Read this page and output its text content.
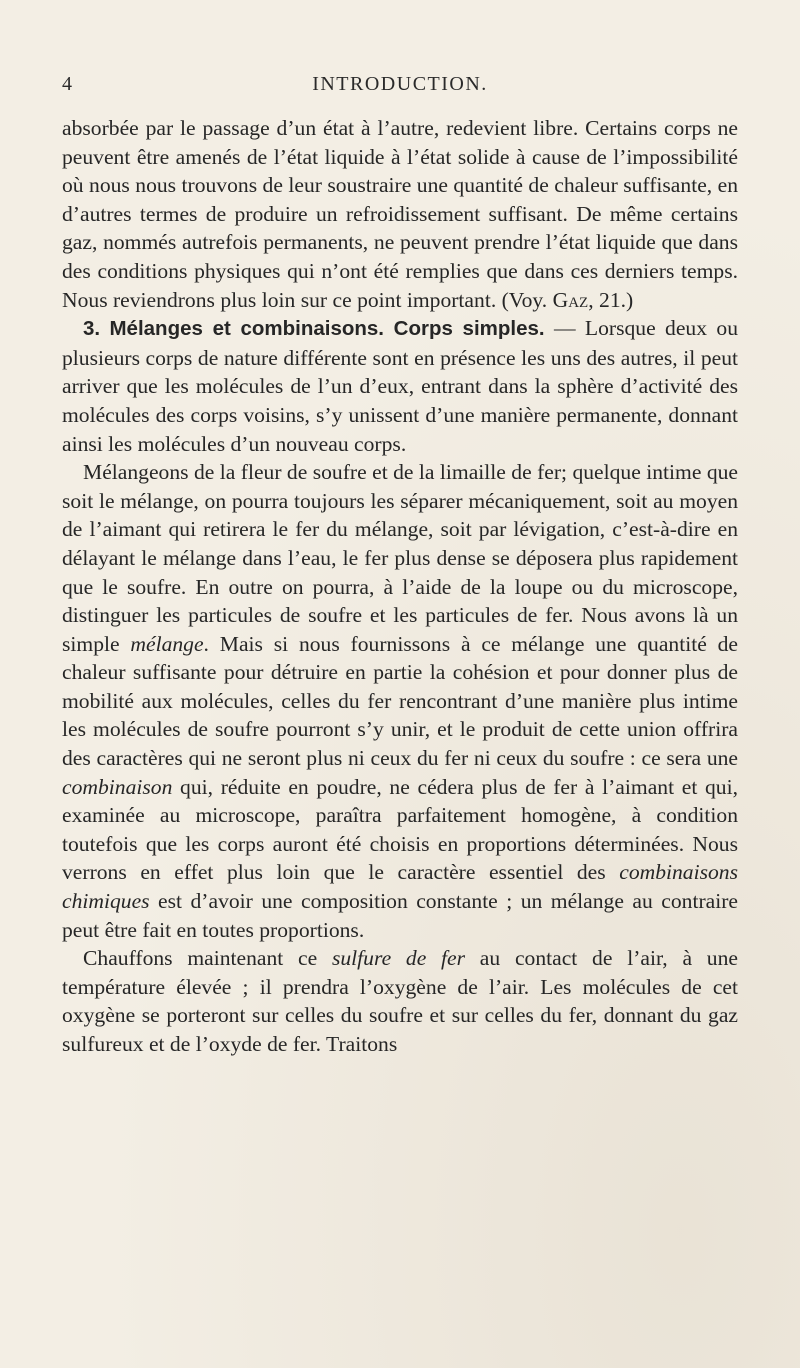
4	INTRODUCTION.

absorbée par le passage d’un état à l’autre, redevient libre. Certains corps ne peuvent être amenés de l’état liquide à l’état solide à cause de l’impossibilité où nous nous trouvons de leur soustraire une quantité de chaleur suffisante, en d’autres termes de produire un refroidissement suffisant. De même certains gaz, nommés autrefois permanents, ne peuvent prendre l’état liquide que dans des conditions physiques qui n’ont été remplies que dans ces derniers temps. Nous reviendrons plus loin sur ce point important. (Voy. Gaz, 21.)

3. Mélanges et combinaisons. Corps simples. — Lorsque deux ou plusieurs corps de nature différente sont en présence les uns des autres, il peut arriver que les molécules de l’un d’eux, entrant dans la sphère d’activité des molécules des corps voisins, s’y unissent d’une manière permanente, donnant ainsi les molécules d’un nouveau corps.

Mélangeons de la fleur de soufre et de la limaille de fer; quelque intime que soit le mélange, on pourra toujours les séparer mécaniquement, soit au moyen de l’aimant qui retirera le fer du mélange, soit par lévigation, c’est-à-dire en délayant le mélange dans l’eau, le fer plus dense se déposera plus rapidement que le soufre. En outre on pourra, à l’aide de la loupe ou du microscope, distinguer les particules de soufre et les particules de fer. Nous avons là un simple mélange. Mais si nous fournissons à ce mélange une quantité de chaleur suffisante pour détruire en partie la cohésion et pour donner plus de mobilité aux molécules, celles du fer rencontrant d’une manière plus intime les molécules de soufre pourront s’y unir, et le produit de cette union offrira des caractères qui ne seront plus ni ceux du fer ni ceux du soufre : ce sera une combinaison qui, réduite en poudre, ne cédera plus de fer à l’aimant et qui, examinée au microscope, paraîtra parfaitement homogène, à condition toutefois que les corps auront été choisis en proportions déterminées. Nous verrons en effet plus loin que le caractère essentiel des combinaisons chimiques est d’avoir une composition constante ; un mélange au contraire peut être fait en toutes proportions.

Chauffons maintenant ce sulfure de fer au contact de l’air, à une température élevée ; il prendra l’oxygène de l’air. Les molécules de cet oxygène se porteront sur celles du soufre et sur celles du fer, donnant du gaz sulfureux et de l’oxyde de fer. Traitons
